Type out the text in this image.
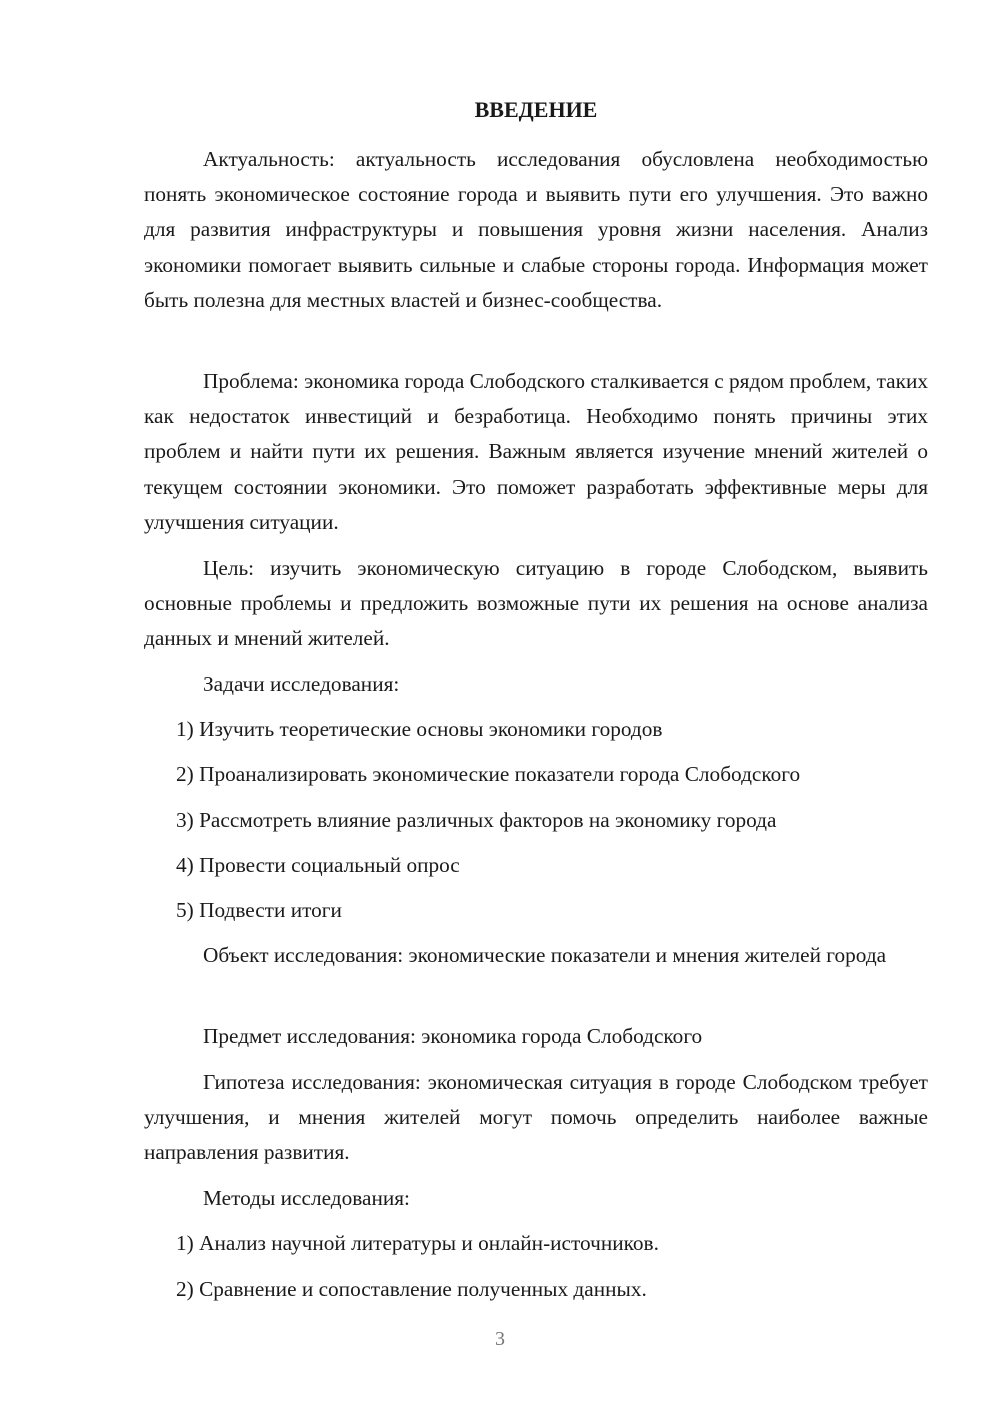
ВВЕДЕНИЕ
Актуальность: актуальность исследования обусловлена необходимостью понять экономическое состояние города и выявить пути его улучшения. Это важно для развития инфраструктуры и повышения уровня жизни населения. Анализ экономики помогает выявить сильные и слабые стороны города. Информация может быть полезна для местных властей и бизнес-сообщества.
Проблема: экономика города Слободского сталкивается с рядом проблем, таких как недостаток инвестиций и безработица. Необходимо понять причины этих проблем и найти пути их решения. Важным является изучение мнений жителей о текущем состоянии экономики. Это поможет разработать эффективные меры для улучшения ситуации.
Цель: изучить экономическую ситуацию в городе Слободском, выявить основные проблемы и предложить возможные пути их решения на основе анализа данных и мнений жителей.
Задачи исследования:
1) Изучить теоретические основы экономики городов
2) Проанализировать экономические показатели города Слободского
3) Рассмотреть влияние различных факторов на экономику города
4) Провести социальный опрос
5) Подвести итоги
Объект исследования: экономические показатели и мнения жителей города
Предмет исследования: экономика города Слободского
Гипотеза исследования: экономическая ситуация в городе Слободском требует улучшения, и мнения жителей могут помочь определить наиболее важные направления развития.
Методы исследования:
1) Анализ научной литературы и онлайн-источников.
2) Сравнение и сопоставление полученных данных.
3
